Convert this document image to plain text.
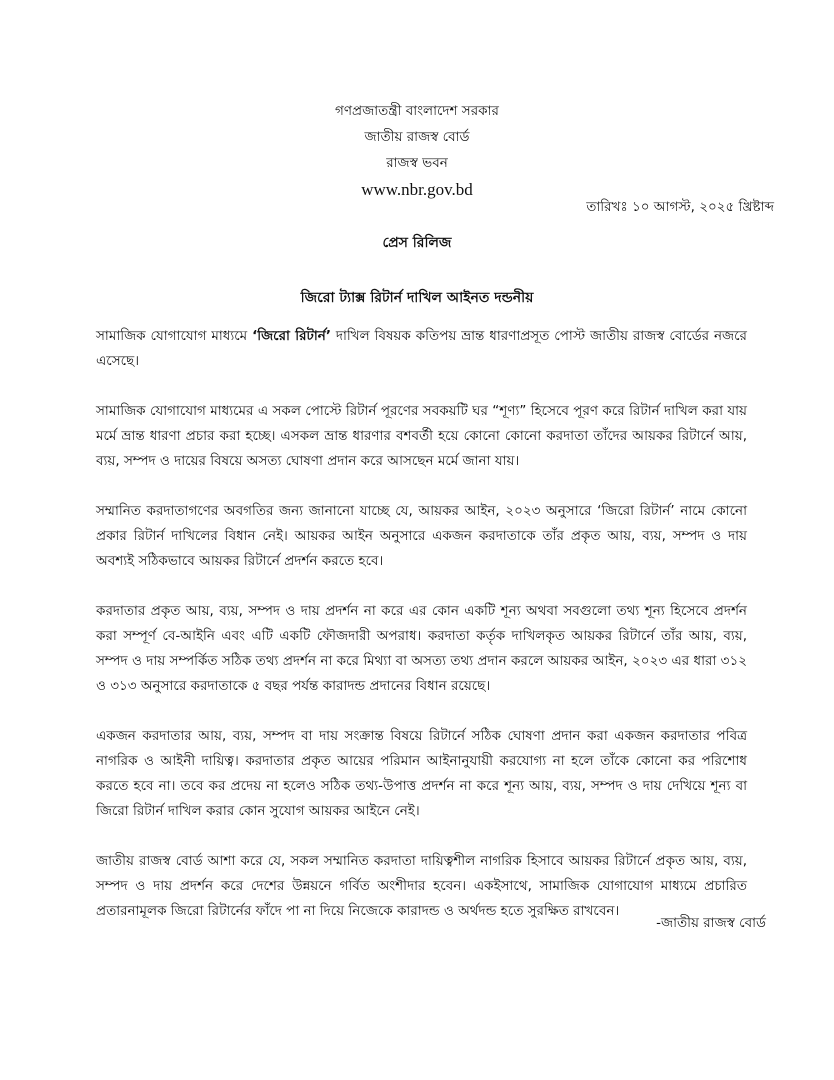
গণপ্রজাতন্ত্রী বাংলাদেশ সরকার
জাতীয় রাজস্ব বোর্ড
রাজস্ব ভবন
www.nbr.gov.bd
তারিখঃ ১০ আগস্ট, ২০২৫ খ্রিষ্টাব্দ
প্রেস রিলিজ
জিরো ট্যাক্স রিটার্ন দাখিল আইনত দন্ডনীয়

সামাজিক যোগাযোগ মাধ্যমে ‘জিরো রিটার্ন’ দাখিল বিষয়ক কতিপয় ভ্রান্ত ধারণাপ্রসূত পোস্ট জাতীয় রাজস্ব বোর্ডের নজরে এসেছে।

সামাজিক যোগাযোগ মাধ্যমের এ সকল পোস্টে রিটার্ন পূরণের সবকয়টি ঘর “শূণ্য” হিসেবে পূরণ করে রিটার্ন দাখিল করা যায় মর্মে ভ্রান্ত ধারণা প্রচার করা হচ্ছে। এসকল ভ্রান্ত ধারণার বশবর্তী হয়ে কোনো কোনো করদাতা তাঁদের আয়কর রিটার্নে আয়, ব্যয়, সম্পদ ও দায়ের বিষয়ে অসত্য ঘোষণা প্রদান করে আসছেন মর্মে জানা যায়।

সম্মানিত করদাতাগণের অবগতির জন্য জানানো যাচ্ছে যে, আয়কর আইন, ২০২৩ অনুসারে ‘জিরো রিটার্ন’ নামে কোনো প্রকার রিটার্ন দাখিলের বিধান নেই। আয়কর আইন অনুসারে একজন করদাতাকে তাঁর প্রকৃত আয়, ব্যয়, সম্পদ ও দায় অবশ্যই সঠিকভাবে আয়কর রিটার্নে প্রদর্শন করতে হবে।

করদাতার প্রকৃত আয়, ব্যয়, সম্পদ ও দায় প্রদর্শন না করে এর কোন একটি শূন্য অথবা সবগুলো তথ্য শূন্য হিসেবে প্রদর্শন করা সম্পূর্ণ বে-আইনি এবং এটি একটি ফৌজদারী অপরাধ। করদাতা কর্তৃক দাখিলকৃত আয়কর রিটার্নে তাঁর আয়, ব্যয়, সম্পদ ও দায় সম্পর্কিত সঠিক তথ্য প্রদর্শন না করে মিথ্যা বা অসত্য তথ্য প্রদান করলে আয়কর আইন, ২০২৩ এর ধারা ৩১২ ও ৩১৩ অনুসারে করদাতাকে ৫ বছর পর্যন্ত কারাদন্ড প্রদানের বিধান রয়েছে।

একজন করদাতার আয়, ব্যয়, সম্পদ বা দায় সংক্রান্ত বিষয়ে রিটার্নে সঠিক ঘোষণা প্রদান করা একজন করদাতার পবিত্র নাগরিক ও আইনী দায়িত্ব। করদাতার প্রকৃত আয়ের পরিমান আইনানুযায়ী করযোগ্য না হলে তাঁকে কোনো কর পরিশোধ করতে হবে না। তবে কর প্রদেয় না হলেও সঠিক তথ্য-উপাত্ত প্রদর্শন না করে শূন্য আয়, ব্যয়, সম্পদ ও দায় দেখিয়ে শূন্য বা জিরো রিটার্ন দাখিল করার কোন সুযোগ আয়কর আইনে নেই।

জাতীয় রাজস্ব বোর্ড আশা করে যে, সকল সম্মানিত করদাতা দায়িত্বশীল নাগরিক হিসাবে আয়কর রিটার্নে প্রকৃত আয়, ব্যয়, সম্পদ ও দায় প্রদর্শন করে দেশের উন্নয়নে গর্বিত অংশীদার হবেন। একইসাথে, সামাজিক যোগাযোগ মাধ্যমে প্রচারিত প্রতারনামূলক জিরো রিটার্নের ফাঁদে পা না দিয়ে নিজেকে কারাদন্ড ও অর্থদন্ড হতে সুরক্ষিত রাখবেন।

-জাতীয় রাজস্ব বোর্ড
